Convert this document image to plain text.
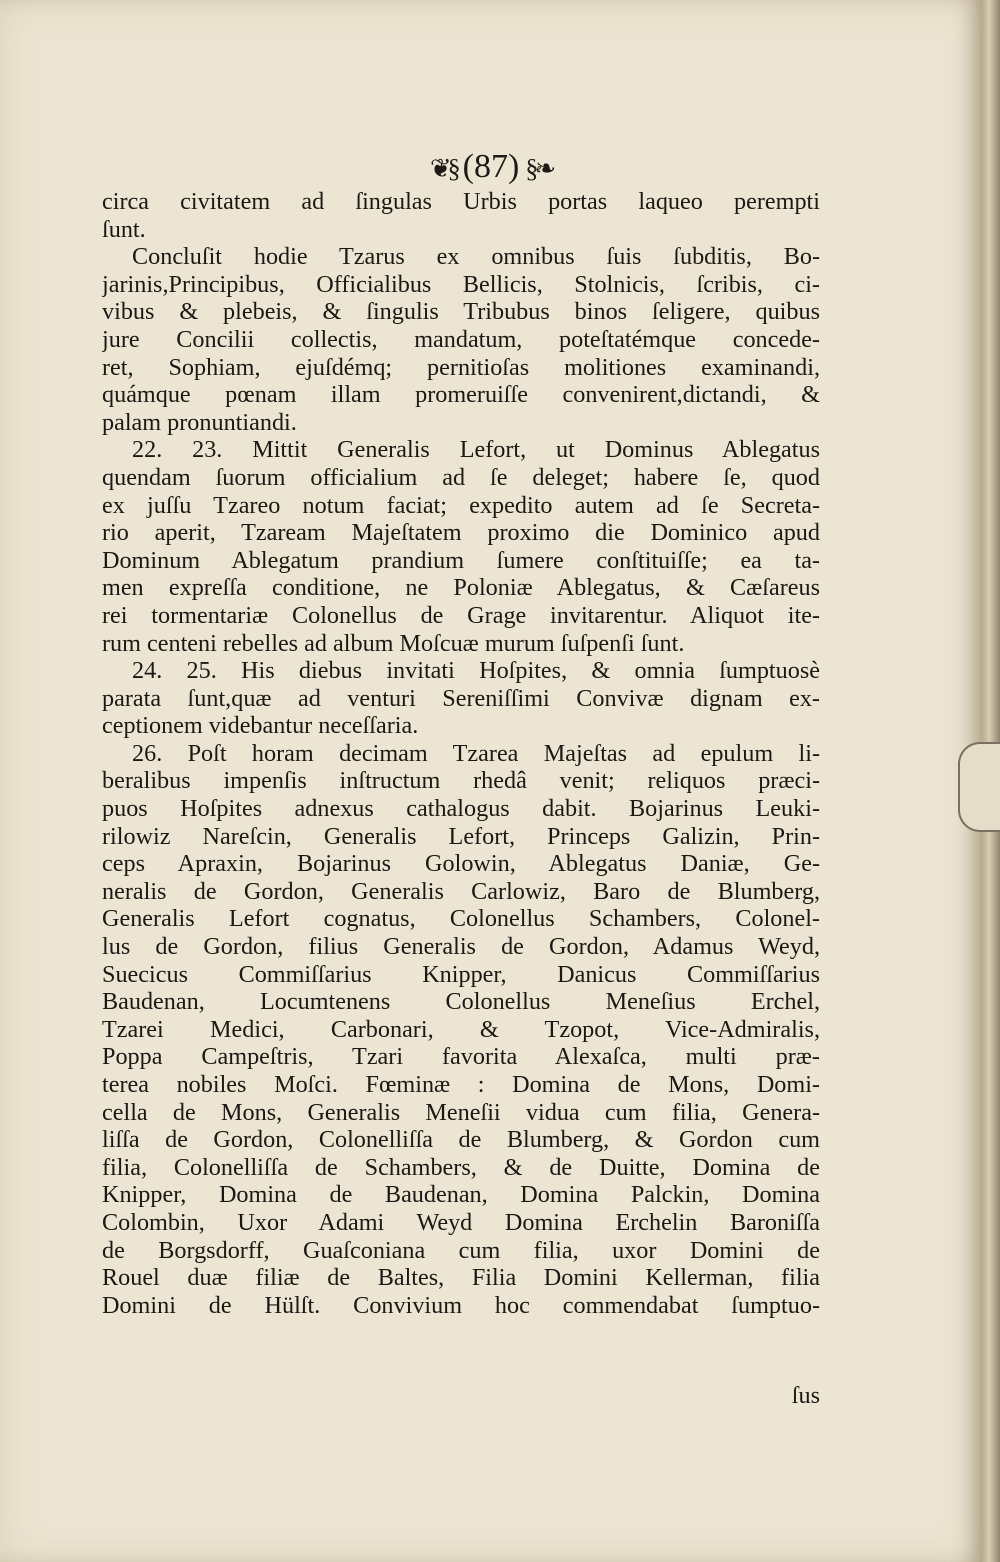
❦§ (87) §❧
circa civitatem ad ſingulas Urbis portas laqueo perempti
ſunt.
Concluſit hodie Tzarus ex omnibus ſuis ſubditis, Bo-
jarinis,Principibus, Officialibus Bellicis, Stolnicis, ſcribis, ci-
vibus & plebeis, & ſingulis Tribubus binos ſeligere, quibus
jure Concilii collectis, mandatum, poteſtatémque concede-
ret, Sophiam, ejuſdémq; pernitioſas molitiones examinandi,
quámque pœnam illam promeruiſſe convenirent,dictandi, &
palam pronuntiandi.
22. 23. Mittit Generalis Lefort, ut Dominus Ablegatus
quendam ſuorum officialium ad ſe deleget; habere ſe, quod
ex juſſu Tzareo notum faciat; expedito autem ad ſe Secreta-
rio aperit, Tzaream Majeſtatem proximo die Dominico apud
Dominum Ablegatum prandium ſumere conſtituiſſe; ea ta-
men expreſſa conditione, ne Poloniæ Ablegatus, & Cæſareus
rei tormentariæ Colonellus de Grage invitarentur. Aliquot ite-
rum centeni rebelles ad album Moſcuæ murum ſuſpenſi ſunt.
24. 25. His diebus invitati Hoſpites, & omnia ſumptuosè
parata ſunt,quæ ad venturi Sereniſſimi Convivæ dignam ex-
ceptionem videbantur neceſſaria.
26. Poſt horam decimam Tzarea Majeſtas ad epulum li-
beralibus impenſis inſtructum rhedâ venit; reliquos præci-
puos Hoſpites adnexus cathalogus dabit. Bojarinus Leuki-
rilowiz Nareſcin, Generalis Lefort, Princeps Galizin, Prin-
ceps Apraxin, Bojarinus Golowin, Ablegatus Daniæ, Ge-
neralis de Gordon, Generalis Carlowiz, Baro de Blumberg,
Generalis Lefort cognatus, Colonellus Schambers, Colonel-
lus de Gordon, filius Generalis de Gordon, Adamus Weyd,
Suecicus Commiſſarius Knipper, Danicus Commiſſarius
Baudenan, Locumtenens Colonellus Meneſius Erchel,
Tzarei Medici, Carbonari, & Tzopot, Vice-Admiralis,
Poppa Campeſtris, Tzari favorita Alexaſca, multi præ-
terea nobiles Moſci. Fœminæ : Domina de Mons, Domi-
cella de Mons, Generalis Meneſii vidua cum filia, Genera-
liſſa de Gordon, Colonelliſſa de Blumberg, & Gordon cum
filia, Colonelliſſa de Schambers, & de Duitte, Domina de
Knipper, Domina de Baudenan, Domina Palckin, Domina
Colombin, Uxor Adami Weyd Domina Erchelin Baroniſſa
de Borgsdorff, Guaſconiana cum filia, uxor Domini de
Rouel duæ filiæ de Baltes, Filia Domini Kellerman, filia
Domini de Hülſt. Convivium hoc commendabat ſumptuo-
ſus
